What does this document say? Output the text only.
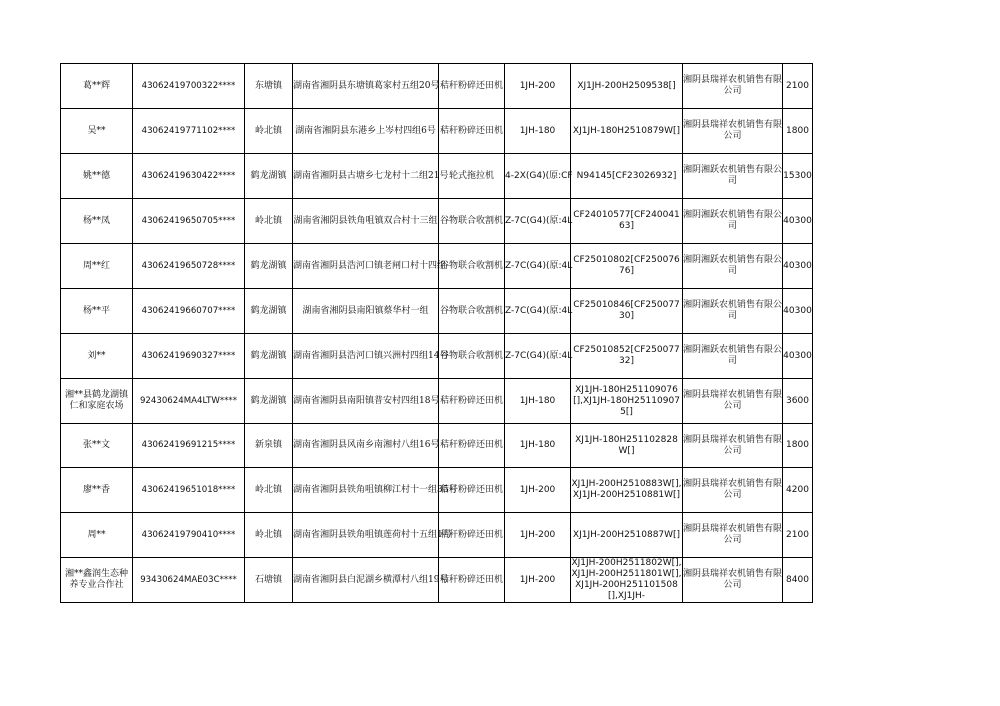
葛**辉	43062419700322****	东塘镇	湖南省湘阴县东塘镇葛家村五组20号	秸秆粉碎还田机	1JH-200	XJ1JH-200H2509538[]	湘阴县瑞祥农机销售有限公司	2100

吴**	43062419771102****	岭北镇	湖南省湘阴县东港乡上岑村四组6号	秸秆粉碎还田机	1JH-180	XJ1JH-180H2510879W[]	湘阴县瑞祥农机销售有限公司	1800

姚**德	43062419630422****	鹤龙湖镇	湖南省湘阴县古塘乡七龙村十二组21号	轮式拖拉机	4-2X(G4)(原:CF	N94145[CF23026932]	湘阴湘跃农机销售有限公司	15300

杨**凤	43062419650705****	岭北镇	湖南省湘阴县铁角咀镇双合村十三组	谷物联合收割机	Z-7C(G4)(原:4L	CF24010577[CF24004163]	湘阴湘跃农机销售有限公司	40300

周**红	43062419650728****	鹤龙湖镇	湖南省湘阴县浩河口镇老闸口村十四组	谷物联合收割机	Z-7C(G4)(原:4L	CF25010802[CF25007676]	湘阴湘跃农机销售有限公司	40300

杨**平	43062419660707****	鹤龙湖镇	湖南省湘阴县南阳镇蔡华村一组	谷物联合收割机	Z-7C(G4)(原:4L	CF25010846[CF25007730]	湘阴湘跃农机销售有限公司	40300

刘**	43062419690327****	鹤龙湖镇	湖南省湘阴县浩河口镇兴洲村四组14号	谷物联合收割机	Z-7C(G4)(原:4L	CF25010852[CF25007732]	湘阴湘跃农机销售有限公司	40300

湘**县鹤龙湖镇仁和家庭农场	92430624MA4LTW****	鹤龙湖镇	湖南省湘阴县南阳镇普安村四组18号	秸秆粉碎还田机	1JH-180	XJ1JH-180H251109076[],XJ1JH-180H251109075[]	湘阴县瑞祥农机销售有限公司	3600

张**文	43062419691215****	新泉镇	湖南省湘阴县风南乡南湘村八组16号	秸秆粉碎还田机	1JH-180	XJ1JH-180H251102828W[]	湘阴县瑞祥农机销售有限公司	1800

廖**香	43062419651018****	岭北镇	湖南省湘阴县铁角咀镇柳江村十一组35号	秸秆粉碎还田机	1JH-200	XJ1JH-200H2510883W[],XJ1JH-200H2510881W[]	湘阴县瑞祥农机销售有限公司	4200

周**	43062419790410****	岭北镇	湖南省湘阴县铁角咀镇莲荷村十五组1号	秸秆粉碎还田机	1JH-200	XJ1JH-200H2510887W[]	湘阴县瑞祥农机销售有限公司	2100

湘**鑫润生态种养专业合作社	93430624MAE03C****	石塘镇	湖南省湘阴县白泥湖乡横潭村八组19号	秸秆粉碎还田机	1JH-200	XJ1JH-200H2511802W[],XJ1JH-200H2511801W[],XJ1JH-200H25110150​8[],XJ1JH-	湘阴县瑞祥农机销售有限公司	8400
